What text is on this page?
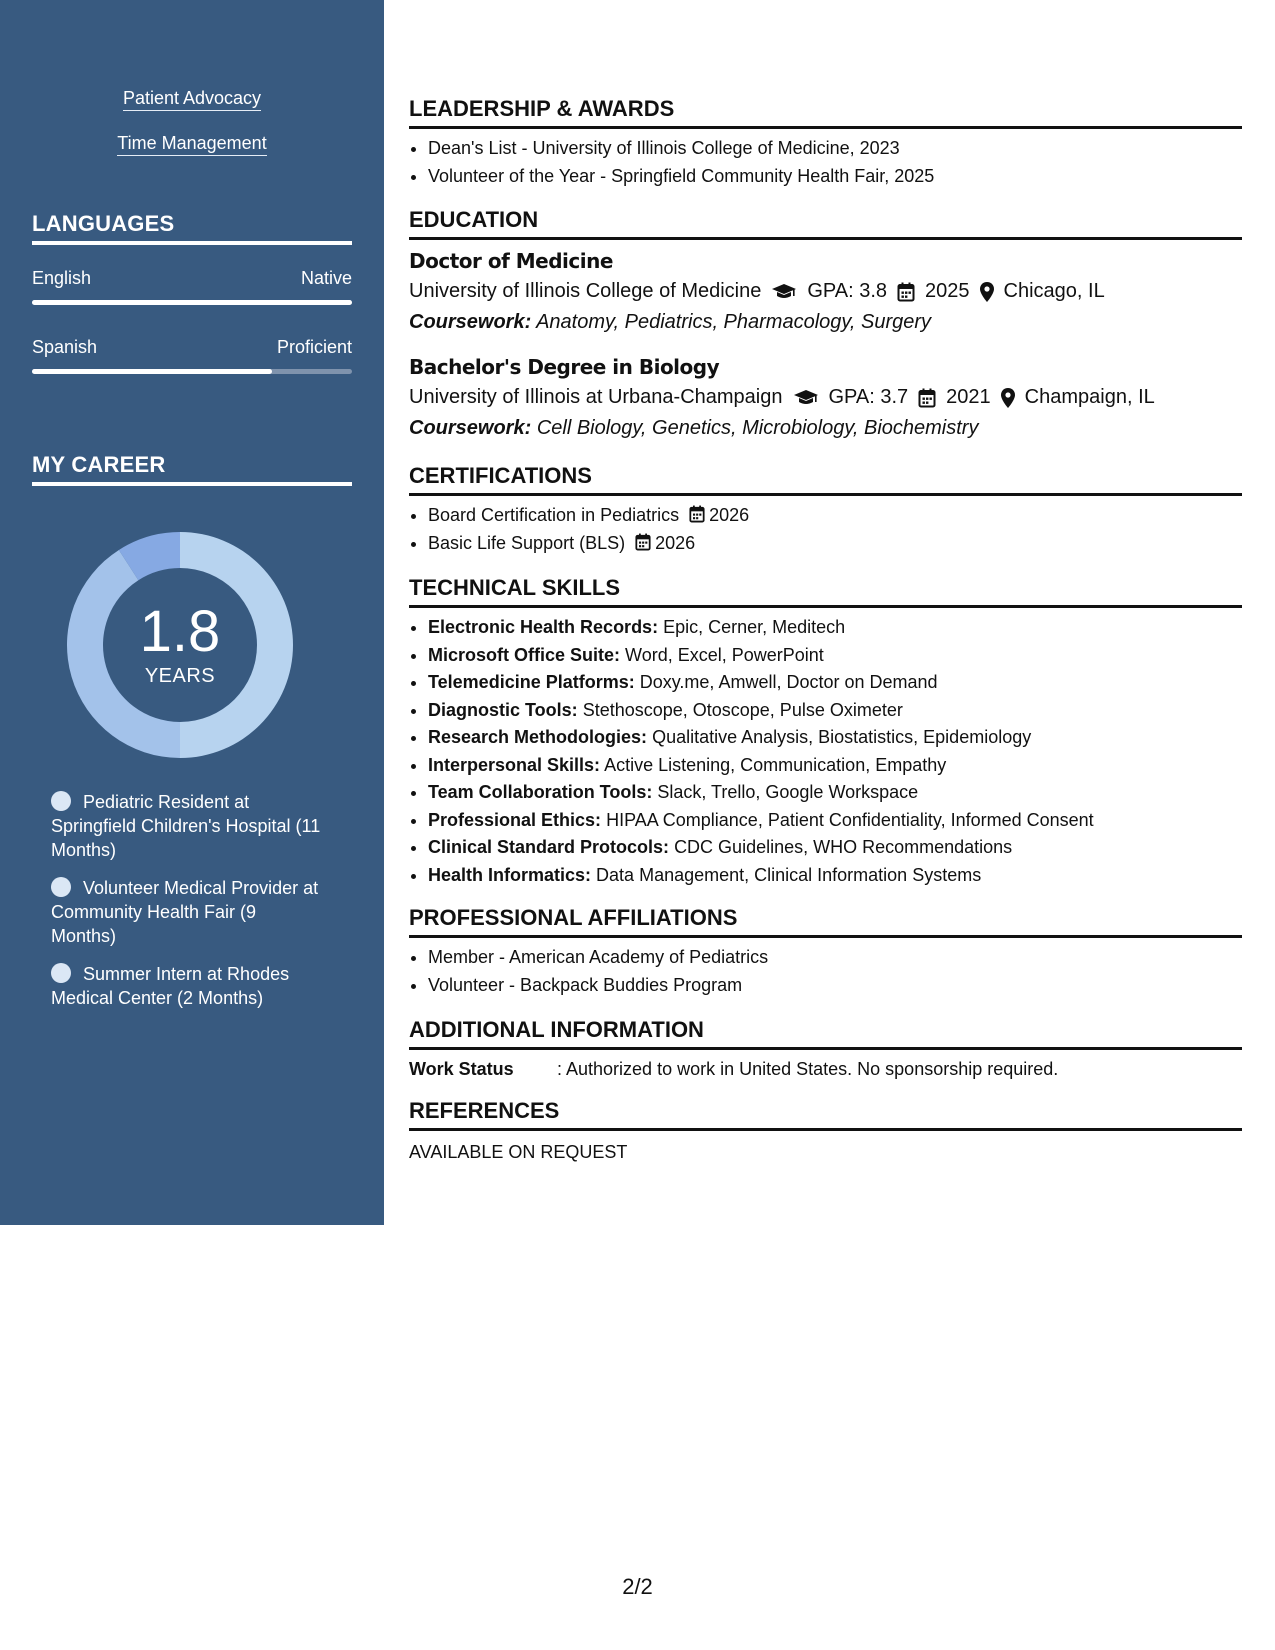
Patient Advocacy
Time Management
LANGUAGES
English	Native
Spanish	Proficient
MY CAREER
1.8
YEARS
Pediatric Resident at Springfield Children's Hospital (11 Months)
Volunteer Medical Provider at Community Health Fair (9 Months)
Summer Intern at Rhodes Medical Center (2 Months)
LEADERSHIP & AWARDS
• Dean's List - University of Illinois College of Medicine, 2023
• Volunteer of the Year - Springfield Community Health Fair, 2025
EDUCATION
Doctor of Medicine
University of Illinois College of Medicine GPA: 3.8 2025 Chicago, IL
Coursework: Anatomy, Pediatrics, Pharmacology, Surgery
Bachelor's Degree in Biology
University of Illinois at Urbana-Champaign GPA: 3.7 2021 Champaign, IL
Coursework: Cell Biology, Genetics, Microbiology, Biochemistry
CERTIFICATIONS
• Board Certification in Pediatrics 2026
• Basic Life Support (BLS) 2026
TECHNICAL SKILLS
• Electronic Health Records: Epic, Cerner, Meditech
• Microsoft Office Suite: Word, Excel, PowerPoint
• Telemedicine Platforms: Doxy.me, Amwell, Doctor on Demand
• Diagnostic Tools: Stethoscope, Otoscope, Pulse Oximeter
• Research Methodologies: Qualitative Analysis, Biostatistics, Epidemiology
• Interpersonal Skills: Active Listening, Communication, Empathy
• Team Collaboration Tools: Slack, Trello, Google Workspace
• Professional Ethics: HIPAA Compliance, Patient Confidentiality, Informed Consent
• Clinical Standard Protocols: CDC Guidelines, WHO Recommendations
• Health Informatics: Data Management, Clinical Information Systems
PROFESSIONAL AFFILIATIONS
• Member - American Academy of Pediatrics
• Volunteer - Backpack Buddies Program
ADDITIONAL INFORMATION
Work Status : Authorized to work in United States. No sponsorship required.
REFERENCES
AVAILABLE ON REQUEST
2/2
